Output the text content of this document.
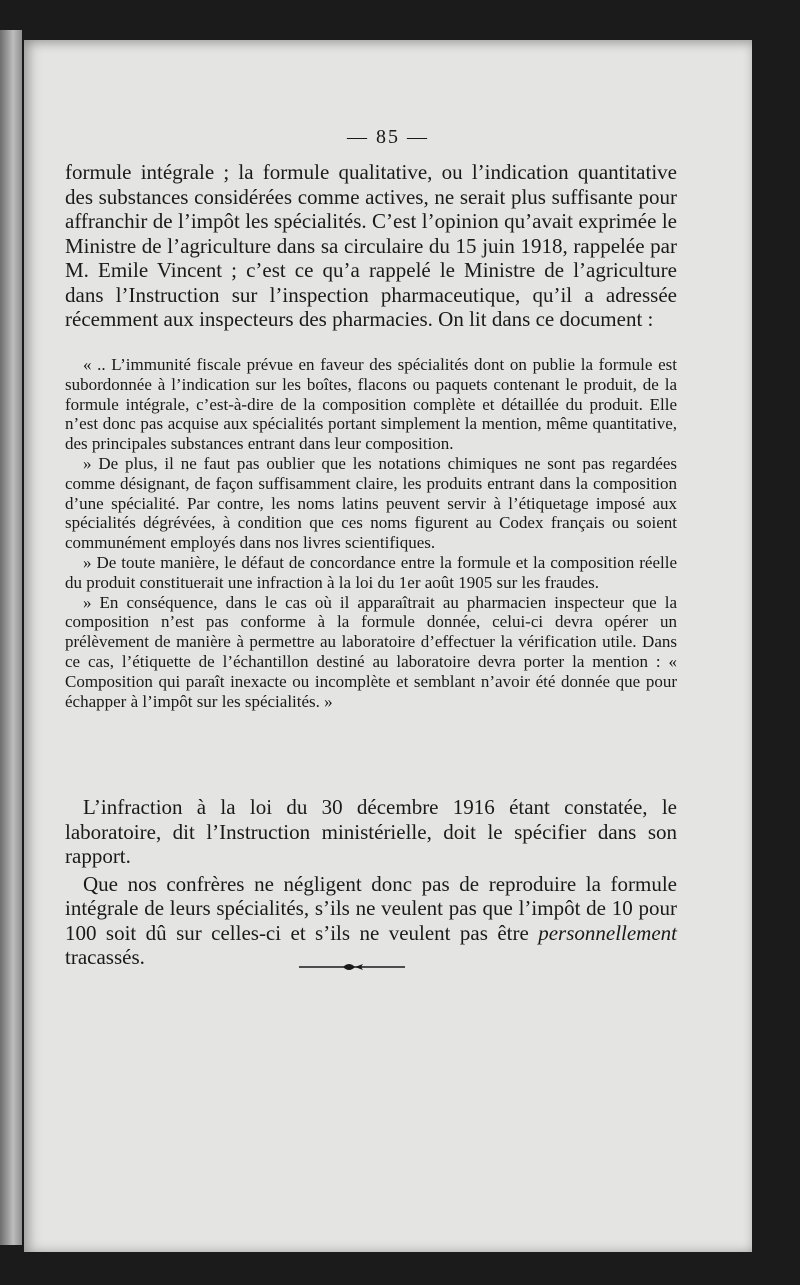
— 85 —

formule intégrale ; la formule qualitative, ou l’indication quantitative des substances considérées comme actives, ne serait plus suffisante pour affranchir de l’impôt les spécialités. C’est l’opinion qu’avait exprimée le Ministre de l’agriculture dans sa circulaire du 15 juin 1918, rappelée par M. Emile Vincent ; c’est ce qu’a rappelé le Ministre de l’agriculture dans l’Instruction sur l’inspection pharmaceutique, qu’il a adressée récemment aux inspecteurs des pharmacies. On lit dans ce document :

« .. L’immunité fiscale prévue en faveur des spécialités dont on publie la formule est subordonnée à l’indication sur les boîtes, flacons ou paquets contenant le produit, de la formule intégrale, c’est-à-dire de la composition complète et détaillée du produit. Elle n’est donc pas acquise aux spécialités portant simplement la mention, même quantitative, des principales substances entrant dans leur composition.

» De plus, il ne faut pas oublier que les notations chimiques ne sont pas regardées comme désignant, de façon suffisamment claire, les produits entrant dans la composition d’une spécialité. Par contre, les noms latins peuvent servir à l’étiquetage imposé aux spécialités dégrévées, à condition que ces noms figurent au Codex français ou soient communément employés dans nos livres scientifiques.

» De toute manière, le défaut de concordance entre la formule et la composition réelle du produit constituerait une infraction à la loi du 1er août 1905 sur les fraudes.

» En conséquence, dans le cas où il apparaîtrait au pharmacien inspecteur que la composition n’est pas conforme à la formule donnée, celui-ci devra opérer un prélèvement de manière à permettre au laboratoire d’effectuer la vérification utile. Dans ce cas, l’étiquette de l’échantillon destiné au laboratoire devra porter la mention : « Composition qui paraît inexacte ou incomplète et semblant n’avoir été donnée que pour échapper à l’impôt sur les spécialités. »

L’infraction à la loi du 30 décembre 1916 étant constatée, le laboratoire, dit l’Instruction ministérielle, doit le spécifier dans son rapport.

Que nos confrères ne négligent donc pas de reproduire la formule intégrale de leurs spécialités, s’ils ne veulent pas que l’impôt de 10 pour 100 soit dû sur celles-ci et s’ils ne veulent pas être personnellement tracassés.
